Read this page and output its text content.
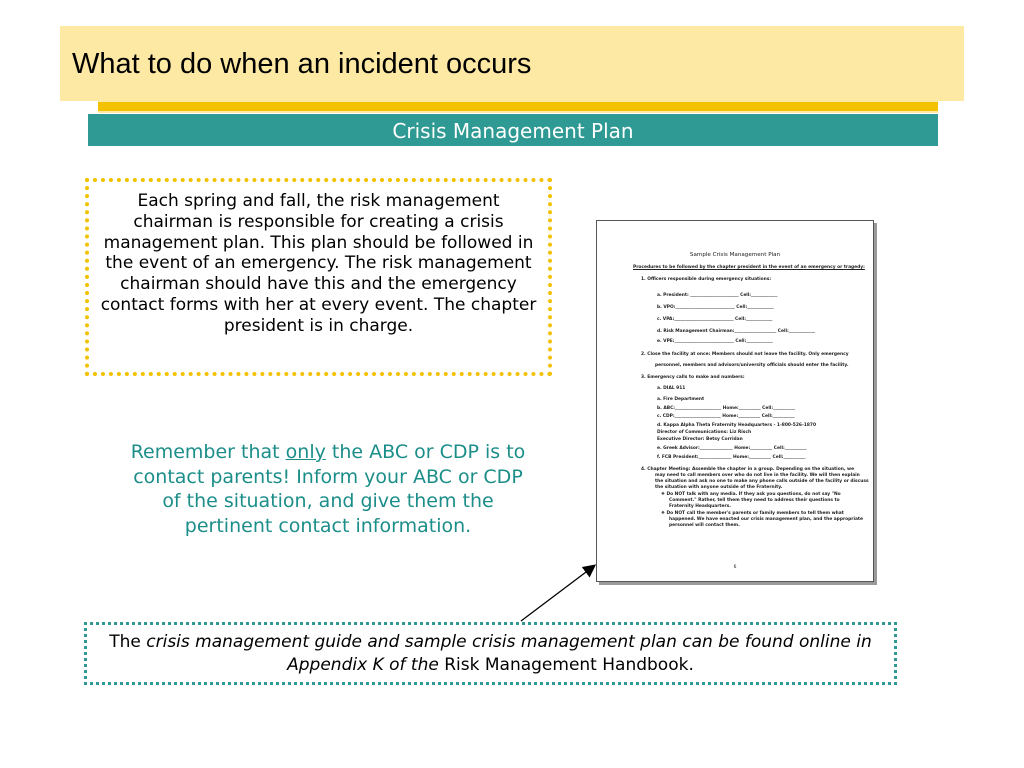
What to do when an incident occurs
Crisis Management Plan
Each spring and fall, the risk management chairman is responsible for creating a crisis management plan. This plan should be followed in the event of an emergency. The risk management chairman should have this and the emergency contact forms with her at every event. The chapter president is in charge.
Remember that only the ABC or CDP is to contact parents! Inform your ABC or CDP of the situation, and give them the pertinent contact information.
Sample Crisis Management Plan
Procedures to be followed by the chapter president in the event of an emergency or tragedy:
6
1. Officers responsible during emergency situations:
a. President: ______________________ Cell:____________
b. VPO:___________________________ Cell:____________
c. VPA:___________________________ Cell:____________
d. Risk Management Chairman:___________________ Cell:____________
e. VPE:___________________________ Cell:____________
2. Close the facility at once: Members should not leave the facility. Only emergency
personnel, members and advisors/university officials should enter the facility.
3. Emergency calls to make and numbers:
a. DIAL 911
a. Fire Department
b. ABC:_____________________ Home:__________ Cell:__________
c. CDP:_____________________ Home:__________ Cell:__________
d. Kappa Alpha Theta Fraternity Headquarters - 1-800-526-1870
Director of Communications: Liz Risch
Executive Director: Betsy Corridan
e. Greek Advisor:_______________ Home:__________ Cell:__________
f. FCB President:_______________ Home:__________ Cell:__________
4. Chapter Meeting: Assemble the chapter in a group. Depending on the situation, we
may need to call members over who do not live in the facility. We will then explain
the situation and ask no one to make any phone calls outside of the facility or discuss
the situation with anyone outside of the Fraternity.
❖ Do NOT talk with any media. If they ask you questions, do not say "No
Comment." Rather, tell them they need to address their questions to
Fraternity Headquarters.
❖ Do NOT call the member's parents or family members to tell them what
happened. We have enacted our crisis management plan, and the appropriate
personnel will contact them.
The crisis management guide and sample crisis management plan can be found online in Appendix K of the Risk Management Handbook.
